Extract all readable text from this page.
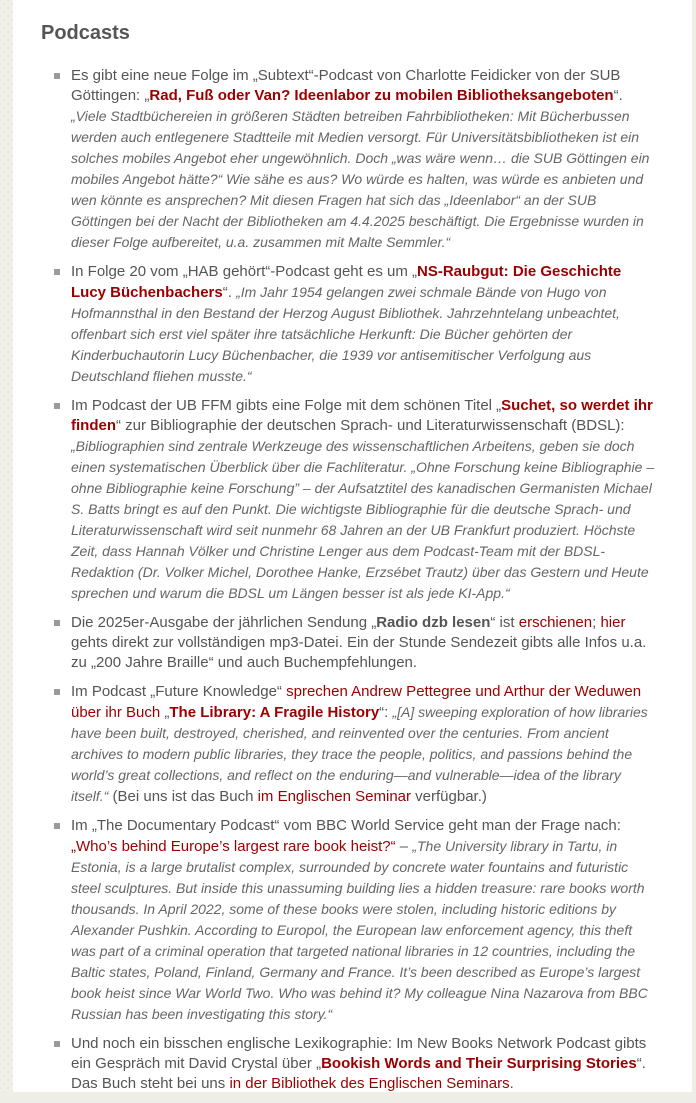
Podcasts
Es gibt eine neue Folge im „Subtext“-Podcast von Charlotte Feidicker von der SUB Göttingen: „Rad, Fuß oder Van? Ideenlabor zu mobilen Bibliotheksangeboten“. „Viele Stadtbüchereien in größeren Städten betreiben Fahrbibliotheken: Mit Bücherbussen werden auch entlegenere Stadtteile mit Medien versorgt. Für Universitätsbibliotheken ist ein solches mobiles Angebot eher ungewöhnlich. Doch „was wäre wenn… die SUB Göttingen ein mobiles Angebot hätte?“ Wie sähe es aus? Wo würde es halten, was würde es anbieten und wen könnte es ansprechen? Mit diesen Fragen hat sich das „Ideenlabor“ an der SUB Göttingen bei der Nacht der Bibliotheken am 4.4.2025 beschäftigt. Die Ergebnisse wurden in dieser Folge aufbereitet, u.a. zusammen mit Malte Semmler.“
In Folge 20 vom „HAB gehört“-Podcast geht es um „NS-Raubgut: Die Geschichte Lucy Büchenbachers“. „Im Jahr 1954 gelangen zwei schmale Bände von Hugo von Hofmannsthal in den Bestand der Herzog August Bibliothek. Jahrzehntelang unbeachtet, offenbart sich erst viel später ihre tatsächliche Herkunft: Die Bücher gehörten der Kinderbuchautorin Lucy Büchenbacher, die 1939 vor antisemitischer Verfolgung aus Deutschland fliehen musste.“
Im Podcast der UB FFM gibts eine Folge mit dem schönen Titel „Suchet, so werdet ihr finden“ zur Bibliographie der deutschen Sprach- und Literaturwissenschaft (BDSL): „Bibliographien sind zentrale Werkzeuge des wissenschaftlichen Arbeitens, geben sie doch einen systematischen Überblick über die Fachliteratur. „Ohne Forschung keine Bibliographie – ohne Bibliographie keine Forschung” – der Aufsatztitel des kanadischen Germanisten Michael S. Batts bringt es auf den Punkt. Die wichtigste Bibliographie für die deutsche Sprach- und Literaturwissenschaft wird seit nunmehr 68 Jahren an der UB Frankfurt produziert. Höchste Zeit, dass Hannah Völker und Christine Lenger aus dem Podcast-Team mit der BDSL-Redaktion (Dr. Volker Michel, Dorothee Hanke, Erzsébet Trautz) über das Gestern und Heute sprechen und warum die BDSL um Längen besser ist als jede KI-App.“
Die 2025er-Ausgabe der jährlichen Sendung „Radio dzb lesen“ ist erschienen; hier gehts direkt zur vollständigen mp3-Datei. Ein der Stunde Sendezeit gibts alle Infos u.a. zu „200 Jahre Braille“ und auch Buchempfehlungen.
Im Podcast „Future Knowledge“ sprechen Andrew Pettegree und Arthur der Weduwen über ihr Buch „The Library: A Fragile History“: „[A] sweeping exploration of how libraries have been built, destroyed, cherished, and reinvented over the centuries. From ancient archives to modern public libraries, they trace the people, politics, and passions behind the world’s great collections, and reflect on the enduring—and vulnerable—idea of the library itself.“ (Bei uns ist das Buch im Englischen Seminar verfügbar.)
Im „The Documentary Podcast“ vom BBC World Service geht man der Frage nach: „Who’s behind Europe’s largest rare book heist?“ – „The University library in Tartu, in Estonia, is a large brutalist complex, surrounded by concrete water fountains and futuristic steel sculptures. But inside this unassuming building lies a hidden treasure: rare books worth thousands. In April 2022, some of these books were stolen, including historic editions by Alexander Pushkin. According to Europol, the European law enforcement agency, this theft was part of a criminal operation that targeted national libraries in 12 countries, including the Baltic states, Poland, Finland, Germany and France. It’s been described as Europe’s largest book heist since War World Two. Who was behind it? My colleague Nina Nazarova from BBC Russian has been investigating this story.“
Und noch ein bisschen englische Lexikographie: Im New Books Network Podcast gibts ein Gespräch mit David Crystal über „Bookish Words and Their Surprising Stories“. Das Buch steht bei uns in der Bibliothek des Englischen Seminars.
